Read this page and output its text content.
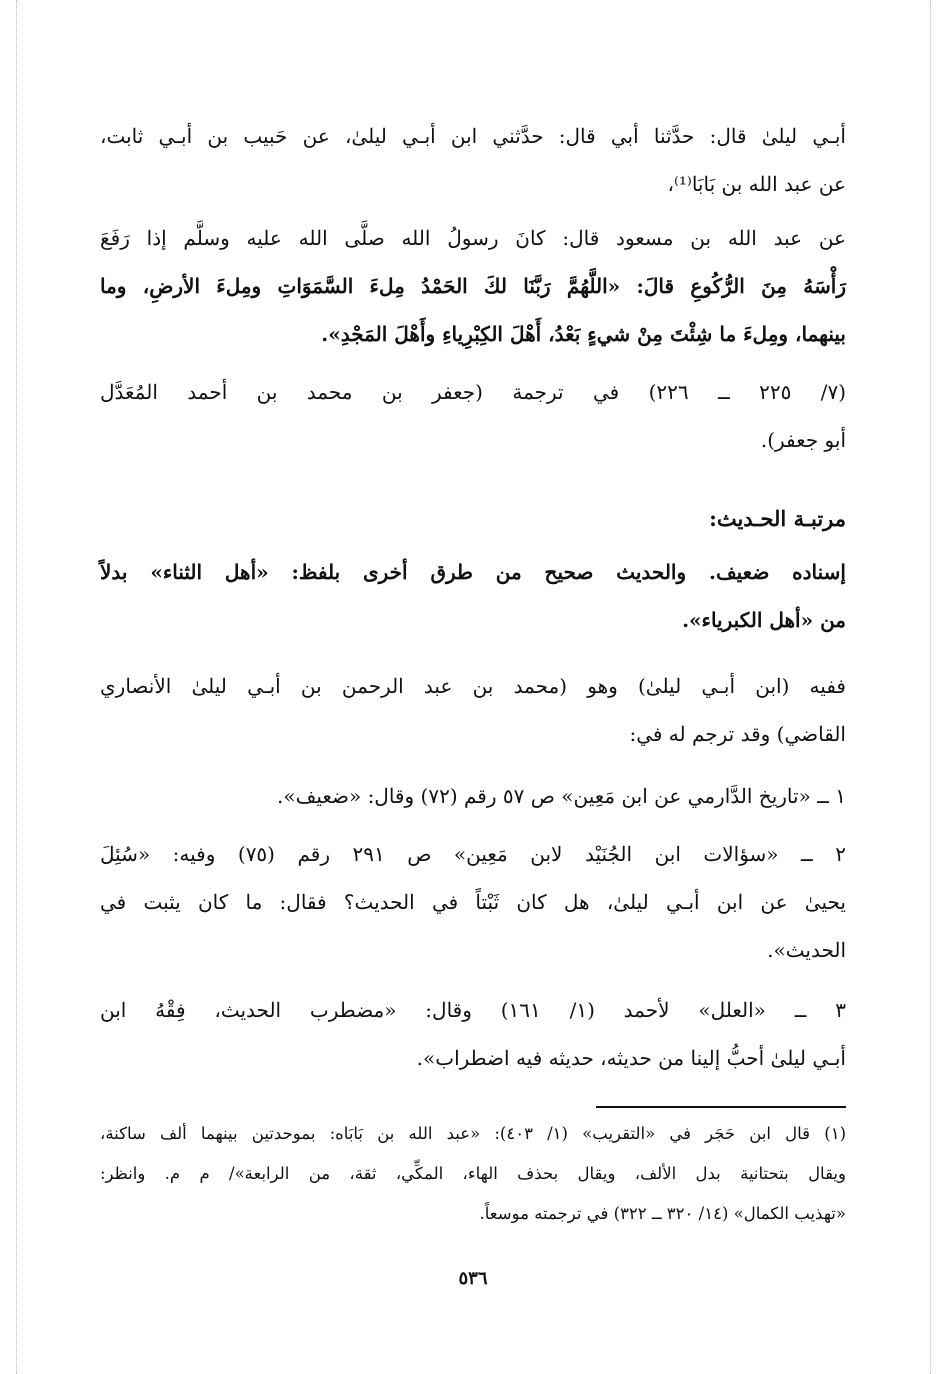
أبـي ليلىٰ قال: حدَّثنا أبي قال: حدَّثني ابن أبـي ليلىٰ، عن حَبيب بن أبـي ثابت،
عن عبد الله بن بَابَا⁽¹⁾،
عن عبد الله بن مسعود قال: كانَ رسولُ الله صلَّى الله عليه وسلَّم إذا رَفَعَ
رَأْسَهُ مِنَ الرُّكُوعِ قالَ: «اللَّهُمَّ رَبَّنَا لكَ الحَمْدُ مِلءَ السَّمَوَاتِ ومِلءَ الأرضِ، وما
بينهما، ومِلءَ ما شِئْتَ مِنْ شيءٍ بَعْدُ، أَهْلَ الكِبْرِياءِ وأَهْلَ المَجْدِ».
(٧/ ٢٢٥ ــ ٢٢٦) في ترجمة (جعفر بن محمد بن أحمد المُعَدَّل
أبو جعفر).
مرتبـة الحـديث:
إسناده ضعيف. والحديث صحيح من طرق أخرى بلفظ: «أهل الثناء» بدلاً
من «أهل الكبرياء».
ففيه (ابن أبـي ليلىٰ) وهو (محمد بن عبد الرحمن بن أبـي ليلىٰ الأنصاري
القاضي) وقد ترجم له في:
١ ــ «تاريخ الدَّارمي عن ابن مَعِين» ص ٥٧ رقم (٧٢) وقال: «ضعيف».
٢ ــ «سؤالات ابن الجُنَيْد لابن مَعِين» ص ٢٩١ رقم (٧٥) وفيه: «سُئِلَ
يحيىٰ عن ابن أبـي ليلىٰ، هل كان ثَبْتاً في الحديث؟ فقال: ما كان يثبت في
الحديث».
٣ ــ «العلل» لأحمد (١/ ١٦١) وقال: «مضطرب الحديث، فِقْهُ ابن
أبـي ليلىٰ أحبُّ إلينا من حديثه، حديثه فيه اضطراب».
(١) قال ابن حَجَر في «التقريب» (١/ ٤٠٣): «عبد الله بن بَابَاه: بموحدتين بينهما ألف ساكنة،
ويقال بتحتانية بدل الألف، ويقال بحذف الهاء، المكِّي، ثقة، من الرابعة»/ م م. وانظر:
«تهذيب الكمال» (١٤/ ٣٢٠ ــ ٣٢٢) في ترجمته موسعاً.
٥٣٦
